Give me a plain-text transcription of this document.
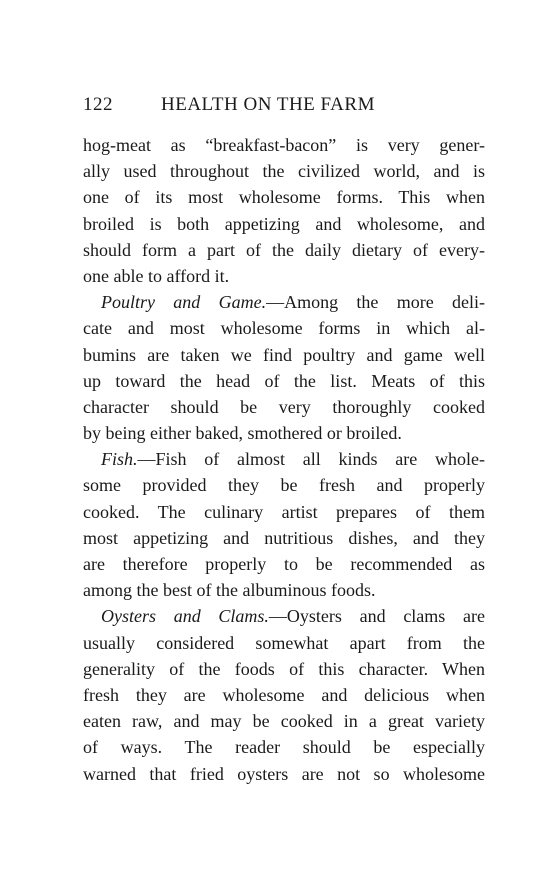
122	HEALTH ON THE FARM
hog-meat as “breakfast-bacon” is very gener-
ally used throughout the civilized world, and is
one of its most wholesome forms. This when
broiled is both appetizing and wholesome, and
should form a part of the daily dietary of every-
one able to afford it.
Poultry and Game.—Among the more deli-
cate and most wholesome forms in which al-
bumins are taken we find poultry and game well
up toward the head of the list. Meats of this
character should be very thoroughly cooked
by being either baked, smothered or broiled.
Fish.—Fish of almost all kinds are whole-
some provided they be fresh and properly
cooked. The culinary artist prepares of them
most appetizing and nutritious dishes, and they
are therefore properly to be recommended as
among the best of the albuminous foods.
Oysters and Clams.—Oysters and clams are
usually considered somewhat apart from the
generality of the foods of this character. When
fresh they are wholesome and delicious when
eaten raw, and may be cooked in a great variety
of ways. The reader should be especially
warned that fried oysters are not so wholesome
